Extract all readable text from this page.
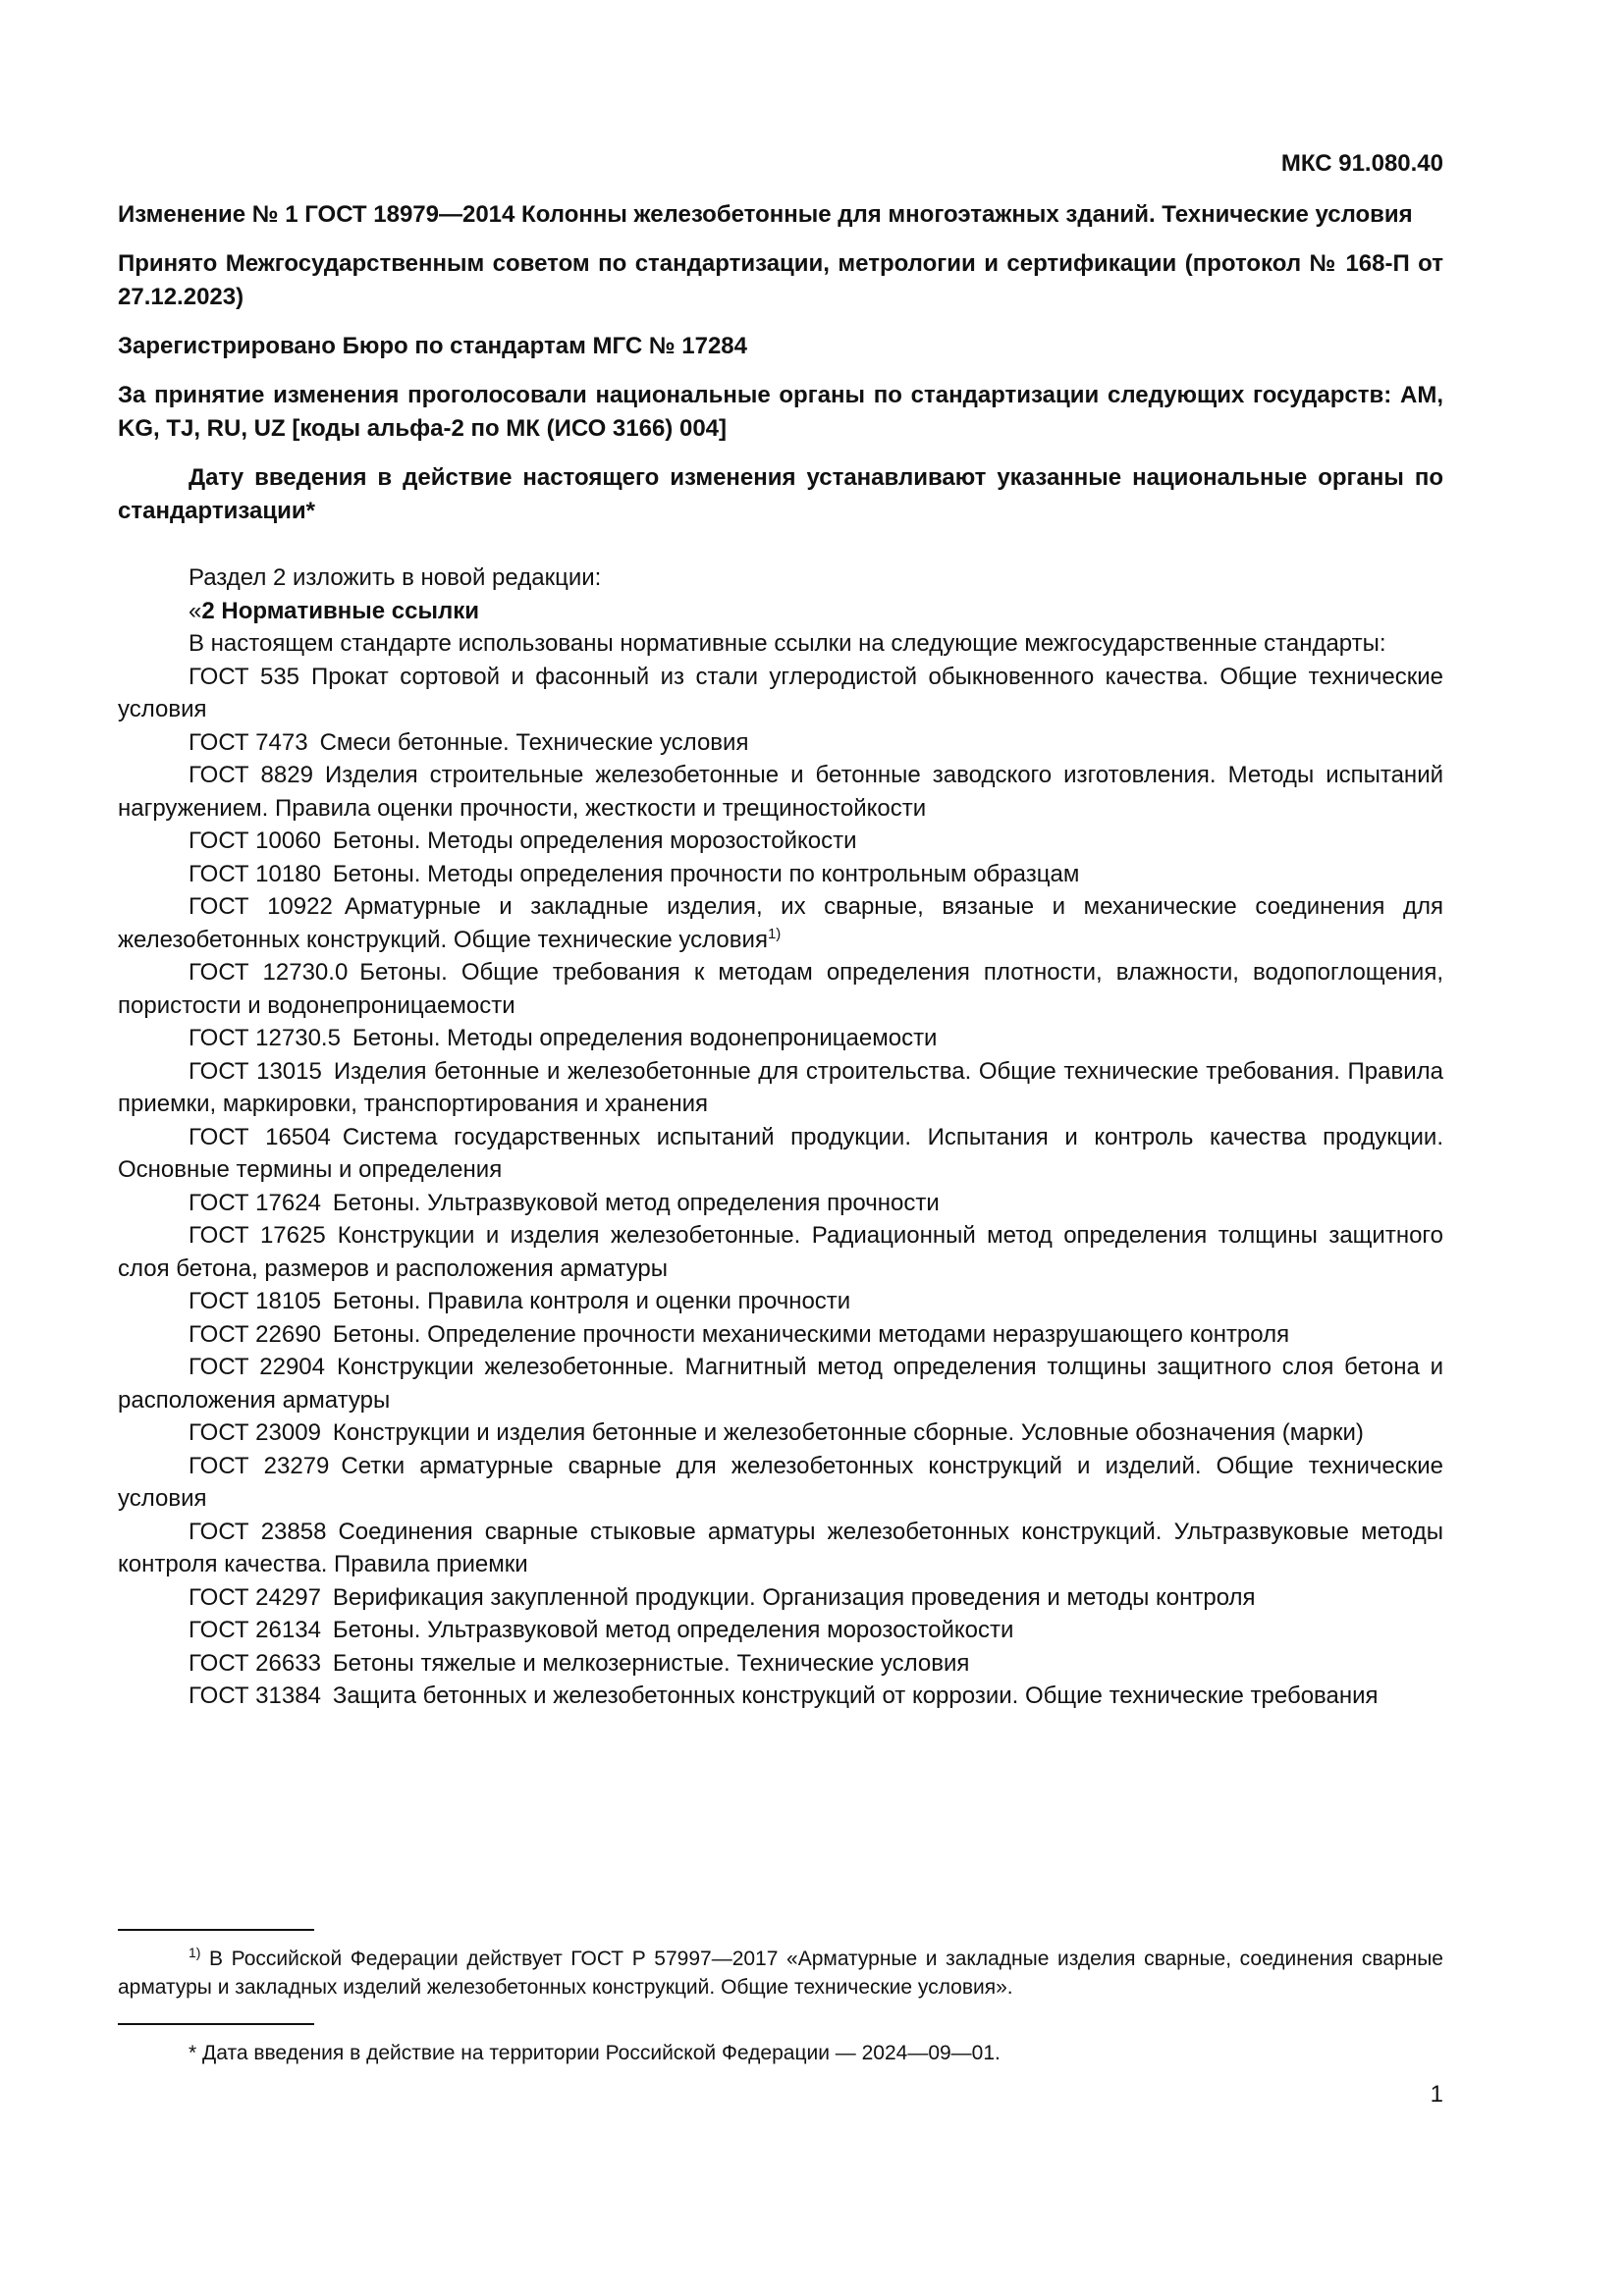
МКС 91.080.40

Изменение № 1 ГОСТ 18979—2014 Колонны железобетонные для многоэтажных зданий. Технические условия

Принято Межгосударственным советом по стандартизации, метрологии и сертификации (протокол № 168-П от 27.12.2023)

Зарегистрировано Бюро по стандартам МГС № 17284

За принятие изменения проголосовали национальные органы по стандартизации следующих государств: AM, KG, TJ, RU, UZ [коды альфа-2 по МК (ИСО 3166) 004]

Дату введения в действие настоящего изменения устанавливают указанные национальные органы по стандартизации*

Раздел 2 изложить в новой редакции:

«2 Нормативные ссылки

В настоящем стандарте использованы нормативные ссылки на следующие межгосударственные стандарты:

ГОСТ 535 Прокат сортовой и фасонный из стали углеродистой обыкновенного качества. Общие технические условия

ГОСТ 7473 Смеси бетонные. Технические условия

ГОСТ 8829 Изделия строительные железобетонные и бетонные заводского изготовления. Методы испытаний нагружением. Правила оценки прочности, жесткости и трещиностойкости

ГОСТ 10060 Бетоны. Методы определения морозостойкости

ГОСТ 10180 Бетоны. Методы определения прочности по контрольным образцам

ГОСТ 10922 Арматурные и закладные изделия, их сварные, вязаные и механические соединения для железобетонных конструкций. Общие технические условия$^{1)}$

ГОСТ 12730.0 Бетоны. Общие требования к методам определения плотности, влажности, водопоглощения, пористости и водонепроницаемости

ГОСТ 12730.5 Бетоны. Методы определения водонепроницаемости

ГОСТ 13015 Изделия бетонные и железобетонные для строительства. Общие технические требования. Правила приемки, маркировки, транспортирования и хранения

ГОСТ 16504 Система государственных испытаний продукции. Испытания и контроль качества продукции. Основные термины и определения

ГОСТ 17624 Бетоны. Ультразвуковой метод определения прочности

ГОСТ 17625 Конструкции и изделия железобетонные. Радиационный метод определения толщины защитного слоя бетона, размеров и расположения арматуры

ГОСТ 18105 Бетоны. Правила контроля и оценки прочности

ГОСТ 22690 Бетоны. Определение прочности механическими методами неразрушающего контроля

ГОСТ 22904 Конструкции железобетонные. Магнитный метод определения толщины защитного слоя бетона и расположения арматуры

ГОСТ 23009 Конструкции и изделия бетонные и железобетонные сборные. Условные обозначения (марки)

ГОСТ 23279 Сетки арматурные сварные для железобетонных конструкций и изделий. Общие технические условия

ГОСТ 23858 Соединения сварные стыковые арматуры железобетонных конструкций. Ультразвуковые методы контроля качества. Правила приемки

ГОСТ 24297 Верификация закупленной продукции. Организация проведения и методы контроля

ГОСТ 26134 Бетоны. Ультразвуковой метод определения морозостойкости

ГОСТ 26633 Бетоны тяжелые и мелкозернистые. Технические условия

ГОСТ 31384 Защита бетонных и железобетонных конструкций от коррозии. Общие технические требования

$^{1)}$ В Российской Федерации действует ГОСТ Р 57997—2017 «Арматурные и закладные изделия сварные, соединения сварные арматуры и закладных изделий железобетонных конструкций. Общие технические условия».

* Дата введения в действие на территории Российской Федерации — 2024—09—01.

1
